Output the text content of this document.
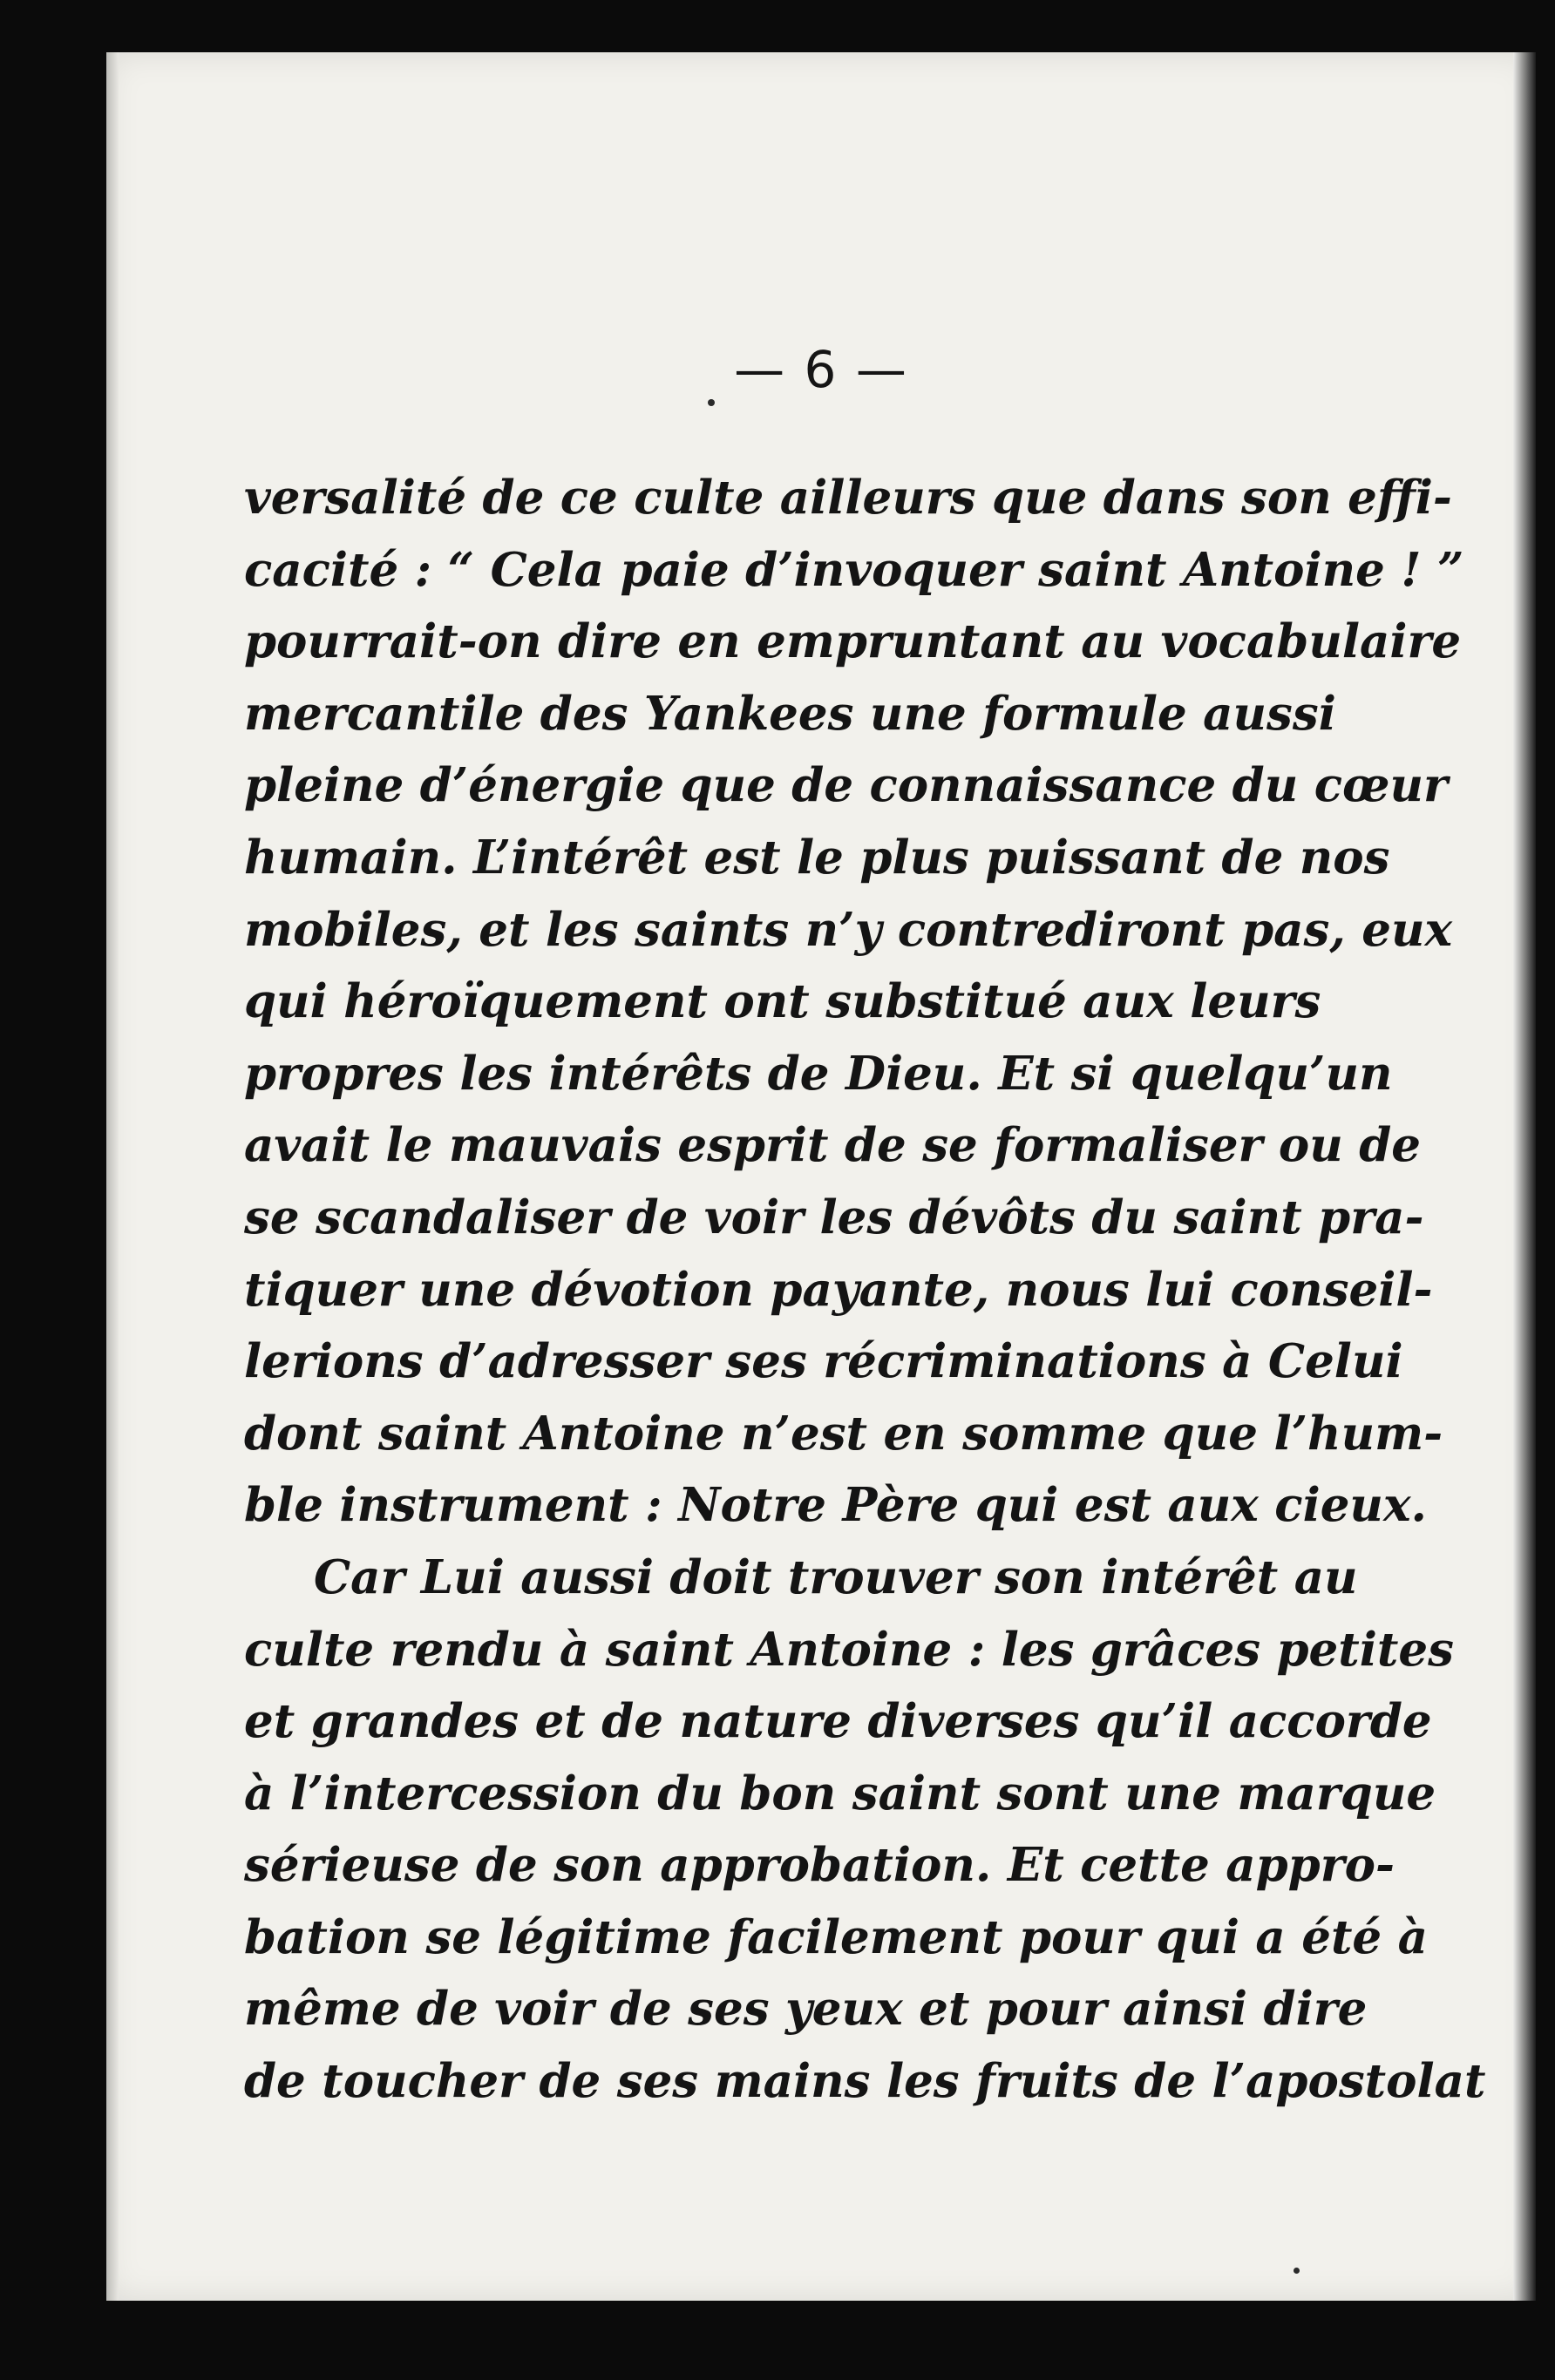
— 6 —

versalité de ce culte ailleurs que dans son effi-
cacité : “ Cela paie d’invoquer saint Antoine ! ”
pourrait-on dire en empruntant au vocabulaire
mercantile des Yankees une formule aussi
pleine d’énergie que de connaissance du cœur
humain. L’intérêt est le plus puissant de nos
mobiles, et les saints n’y contrediront pas, eux
qui héroïquement ont substitué aux leurs
propres les intérêts de Dieu. Et si quelqu’un
avait le mauvais esprit de se formaliser ou de
se scandaliser de voir les dévôts du saint pra-
tiquer une dévotion payante, nous lui conseil-
lerions d’adresser ses récriminations à Celui
dont saint Antoine n’est en somme que l’hum-
ble instrument : Notre Père qui est aux cieux.

Car Lui aussi doit trouver son intérêt au
culte rendu à saint Antoine : les grâces petites
et grandes et de nature diverses qu’il accorde
à l’intercession du bon saint sont une marque
sérieuse de son approbation. Et cette appro-
bation se légitime facilement pour qui a été à
même de voir de ses yeux et pour ainsi dire
de toucher de ses mains les fruits de l’apostolat
